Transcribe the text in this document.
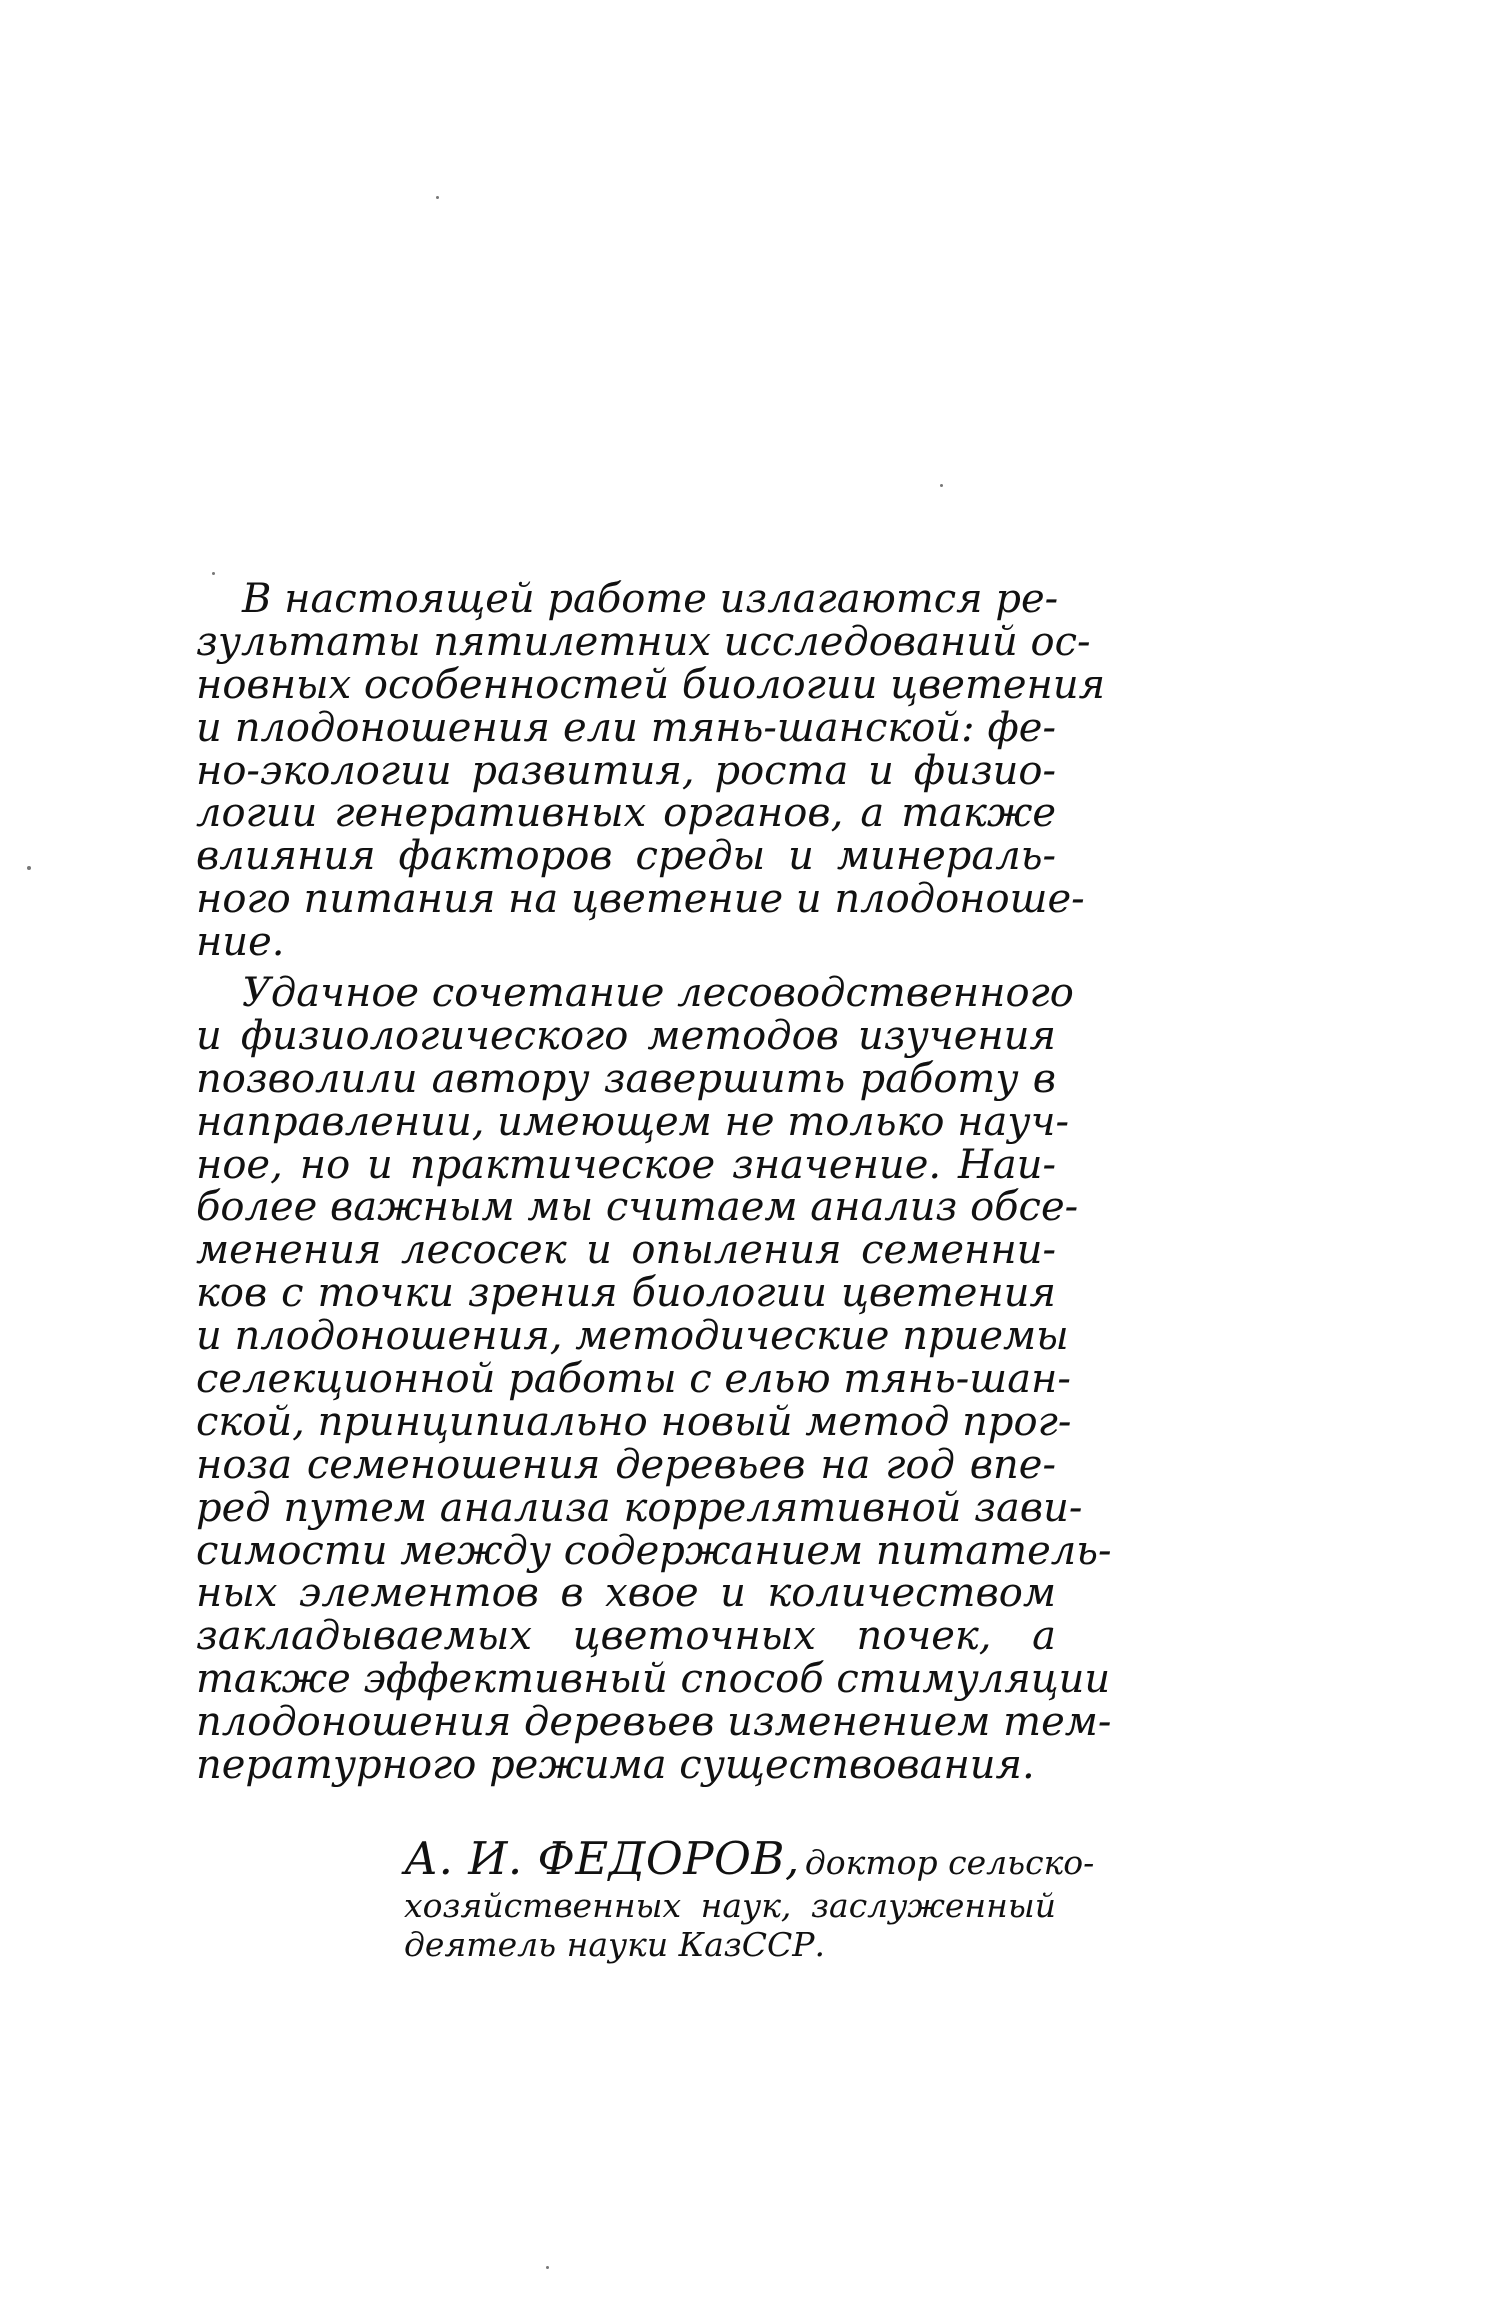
В настоящей работе излагаются ре-
зультаты пятилетних исследований ос-
новных особенностей биологии цветения
и плодоношения ели тянь-шанской: фе-
но-экологии развития, роста и физио-
логии генеративных органов, а также
влияния факторов среды и минераль-
ного питания на цветение и плодоноше-
ние.
Удачное сочетание лесоводственного
и физиологического методов изучения
позволили автору завершить работу в
направлении, имеющем не только науч-
ное, но и практическое значение. Наи-
более важным мы считаем анализ обсе-
менения лесосек и опыления семенни-
ков с точки зрения биологии цветения
и плодоношения, методические приемы
селекционной работы с елью тянь-шан-
ской, принципиально новый метод прог-
ноза семеношения деревьев на год впе-
ред путем анализа коррелятивной зави-
симости между содержанием питатель-
ных элементов в хвое и количеством
закладываемых цветочных почек, а
также эффективный способ стимуляции
плодоношения деревьев изменением тем-
пературного режима существования.
А. И. ФЕДОРОВ, доктор сельско-
хозяйственных наук, заслуженный
деятель науки КазССР.
